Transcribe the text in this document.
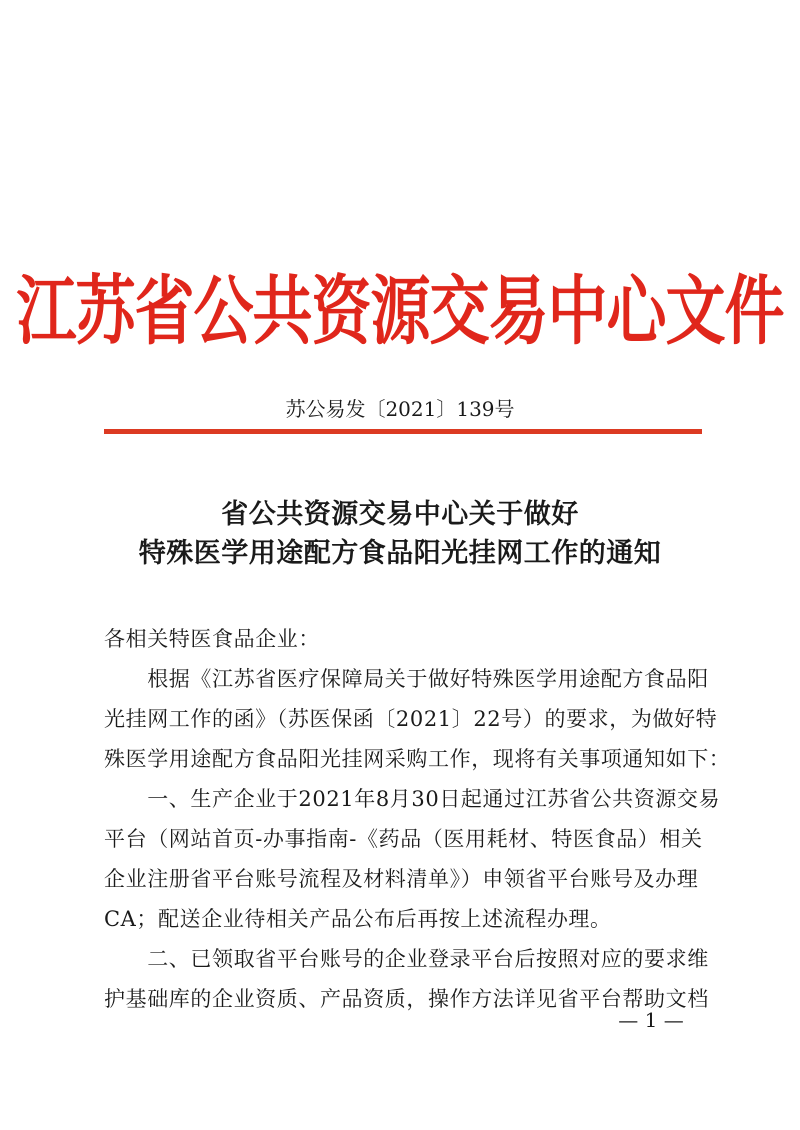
江苏省公共资源交易中心文件
苏公易发〔2021〕139号
省公共资源交易中心关于做好
特殊医学用途配方食品阳光挂网工作的通知
各相关特医食品企业：
　　根据《江苏省医疗保障局关于做好特殊医学用途配方食品阳
光挂网工作的函》（苏医保函〔2021〕22号）的要求，为做好特
殊医学用途配方食品阳光挂网采购工作，现将有关事项通知如下：
　　一、生产企业于2021年8月30日起通过江苏省公共资源交易
平台（网站首页-办事指南-《药品（医用耗材、特医食品）相关
企业注册省平台账号流程及材料清单》）申领省平台账号及办理
CA；配送企业待相关产品公布后再按上述流程办理。
　　二、已领取省平台账号的企业登录平台后按照对应的要求维
护基础库的企业资质、产品资质，操作方法详见省平台帮助文档
— 1 —
